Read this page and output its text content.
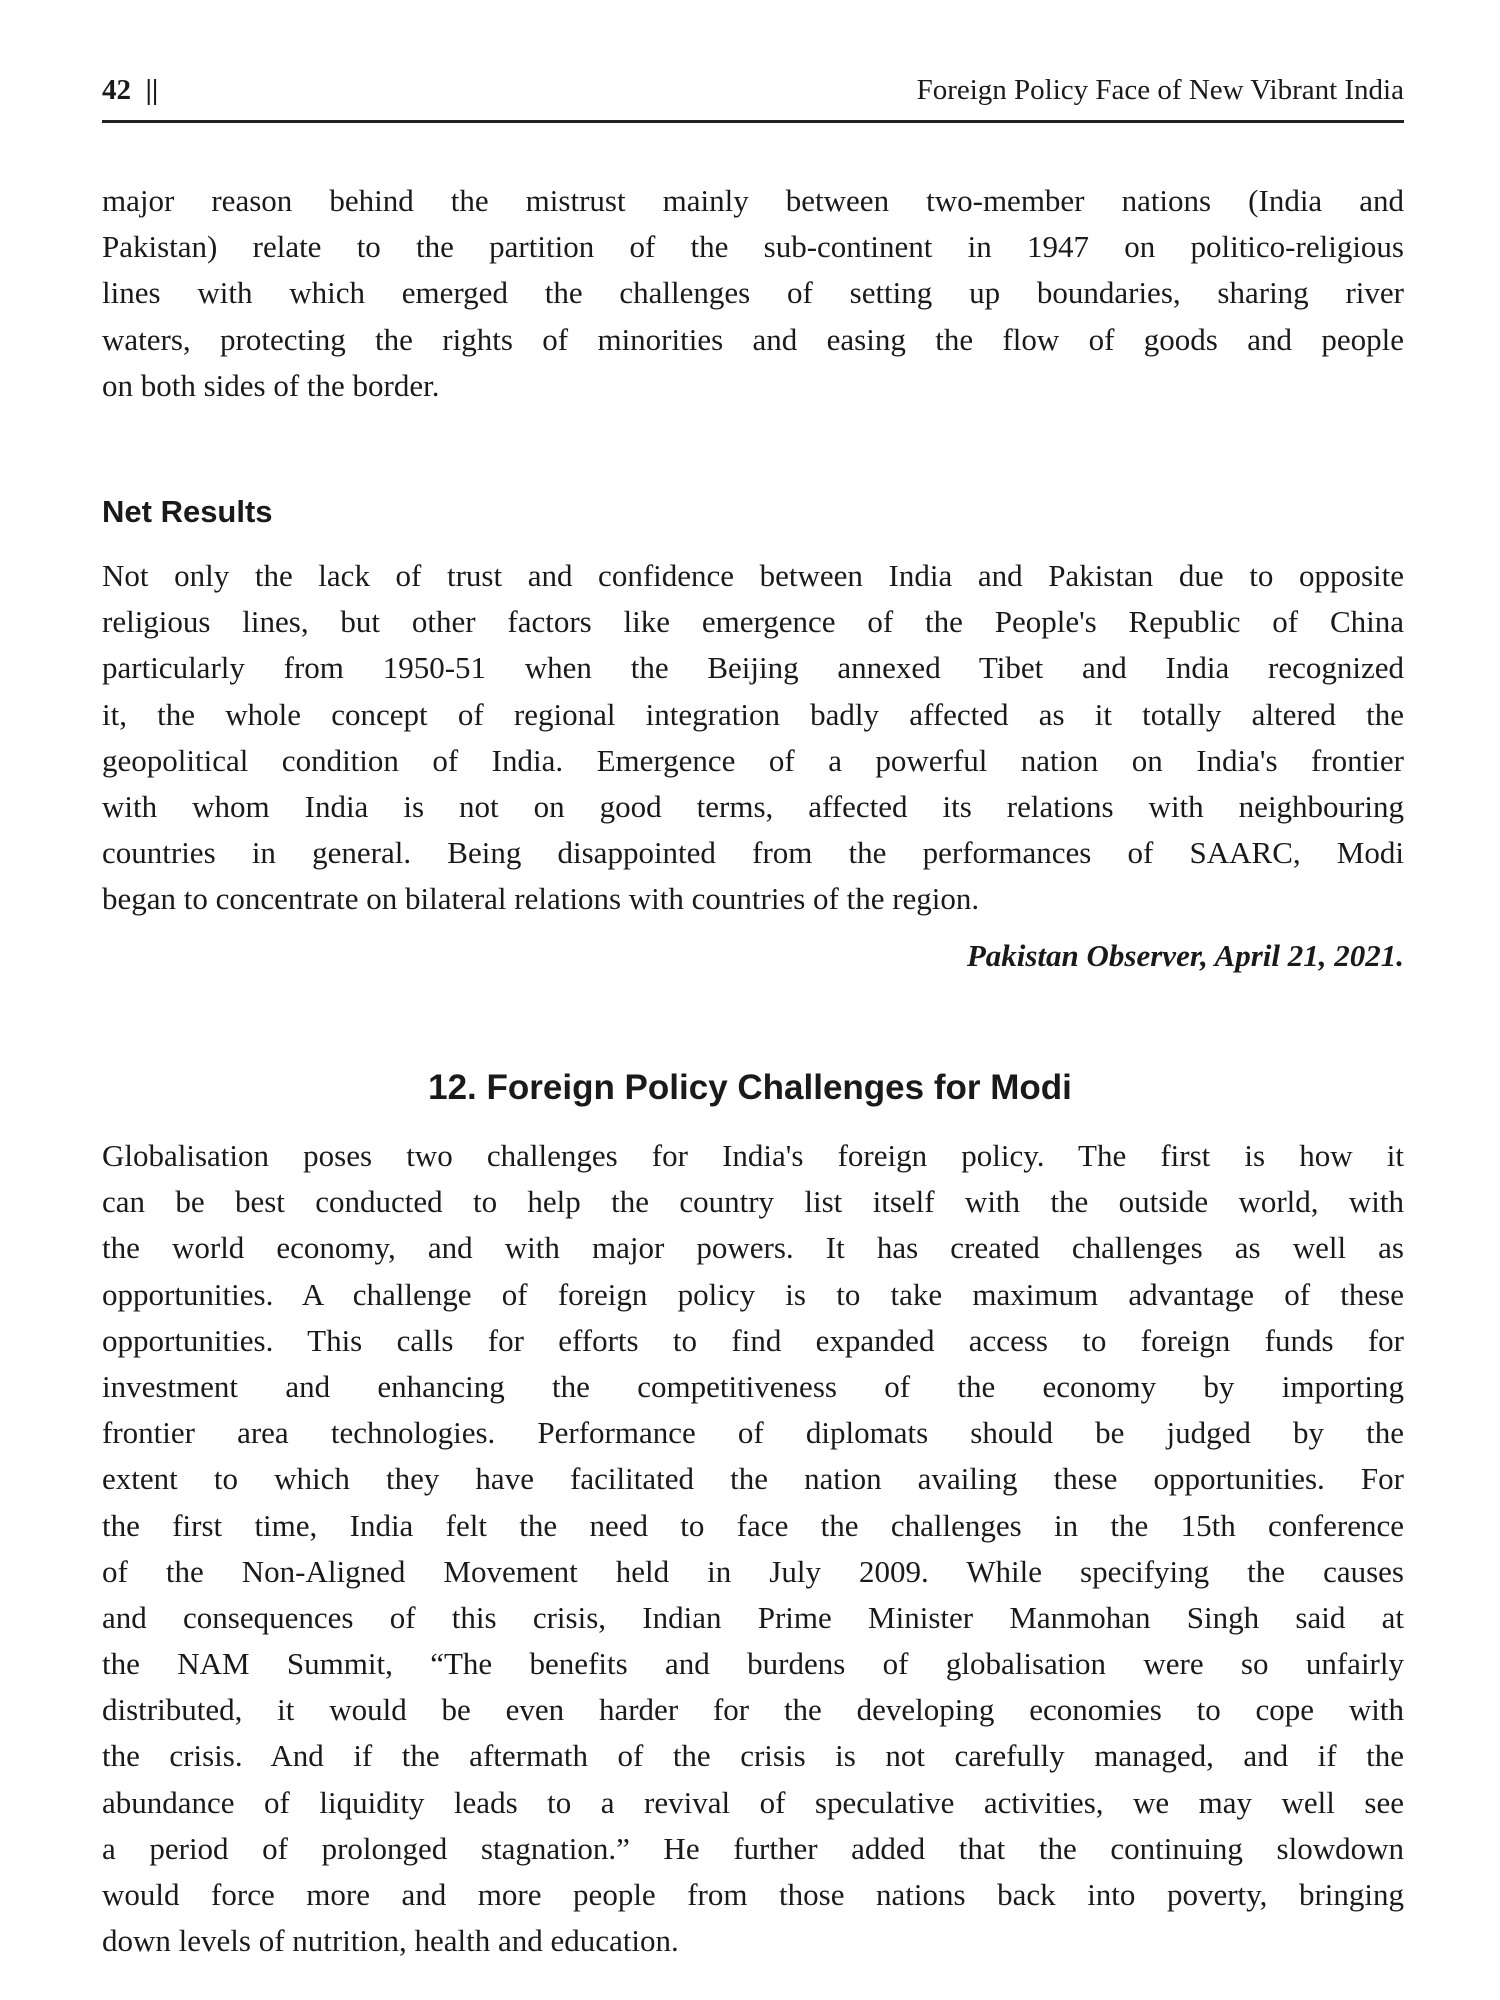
42 ||	Foreign Policy Face of New Vibrant India
major reason behind the mistrust mainly between two-member nations (India and
Pakistan) relate to the partition of the sub-continent in 1947 on politico-religious
lines with which emerged the challenges of setting up boundaries, sharing river
waters, protecting the rights of minorities and easing the flow of goods and people
on both sides of the border.
Net Results
Not only the lack of trust and confidence between India and Pakistan due to opposite
religious lines, but other factors like emergence of the People's Republic of China
particularly from 1950-51 when the Beijing annexed Tibet and India recognized
it, the whole concept of regional integration badly affected as it totally altered the
geopolitical condition of India. Emergence of a powerful nation on India's frontier
with whom India is not on good terms, affected its relations with neighbouring
countries in general. Being disappointed from the performances of SAARC, Modi
began to concentrate on bilateral relations with countries of the region.
Pakistan Observer, April 21, 2021.
12. Foreign Policy Challenges for Modi
Globalisation poses two challenges for India's foreign policy. The first is how it
can be best conducted to help the country list itself with the outside world, with
the world economy, and with major powers. It has created challenges as well as
opportunities. A challenge of foreign policy is to take maximum advantage of these
opportunities. This calls for efforts to find expanded access to foreign funds for
investment and enhancing the competitiveness of the economy by importing
frontier area technologies. Performance of diplomats should be judged by the
extent to which they have facilitated the nation availing these opportunities. For
the first time, India felt the need to face the challenges in the 15th conference
of the Non-Aligned Movement held in July 2009. While specifying the causes
and consequences of this crisis, Indian Prime Minister Manmohan Singh said at
the NAM Summit, “The benefits and burdens of globalisation were so unfairly
distributed, it would be even harder for the developing economies to cope with
the crisis. And if the aftermath of the crisis is not carefully managed, and if the
abundance of liquidity leads to a revival of speculative activities, we may well see
a period of prolonged stagnation.” He further added that the continuing slowdown
would force more and more people from those nations back into poverty, bringing
down levels of nutrition, health and education.
